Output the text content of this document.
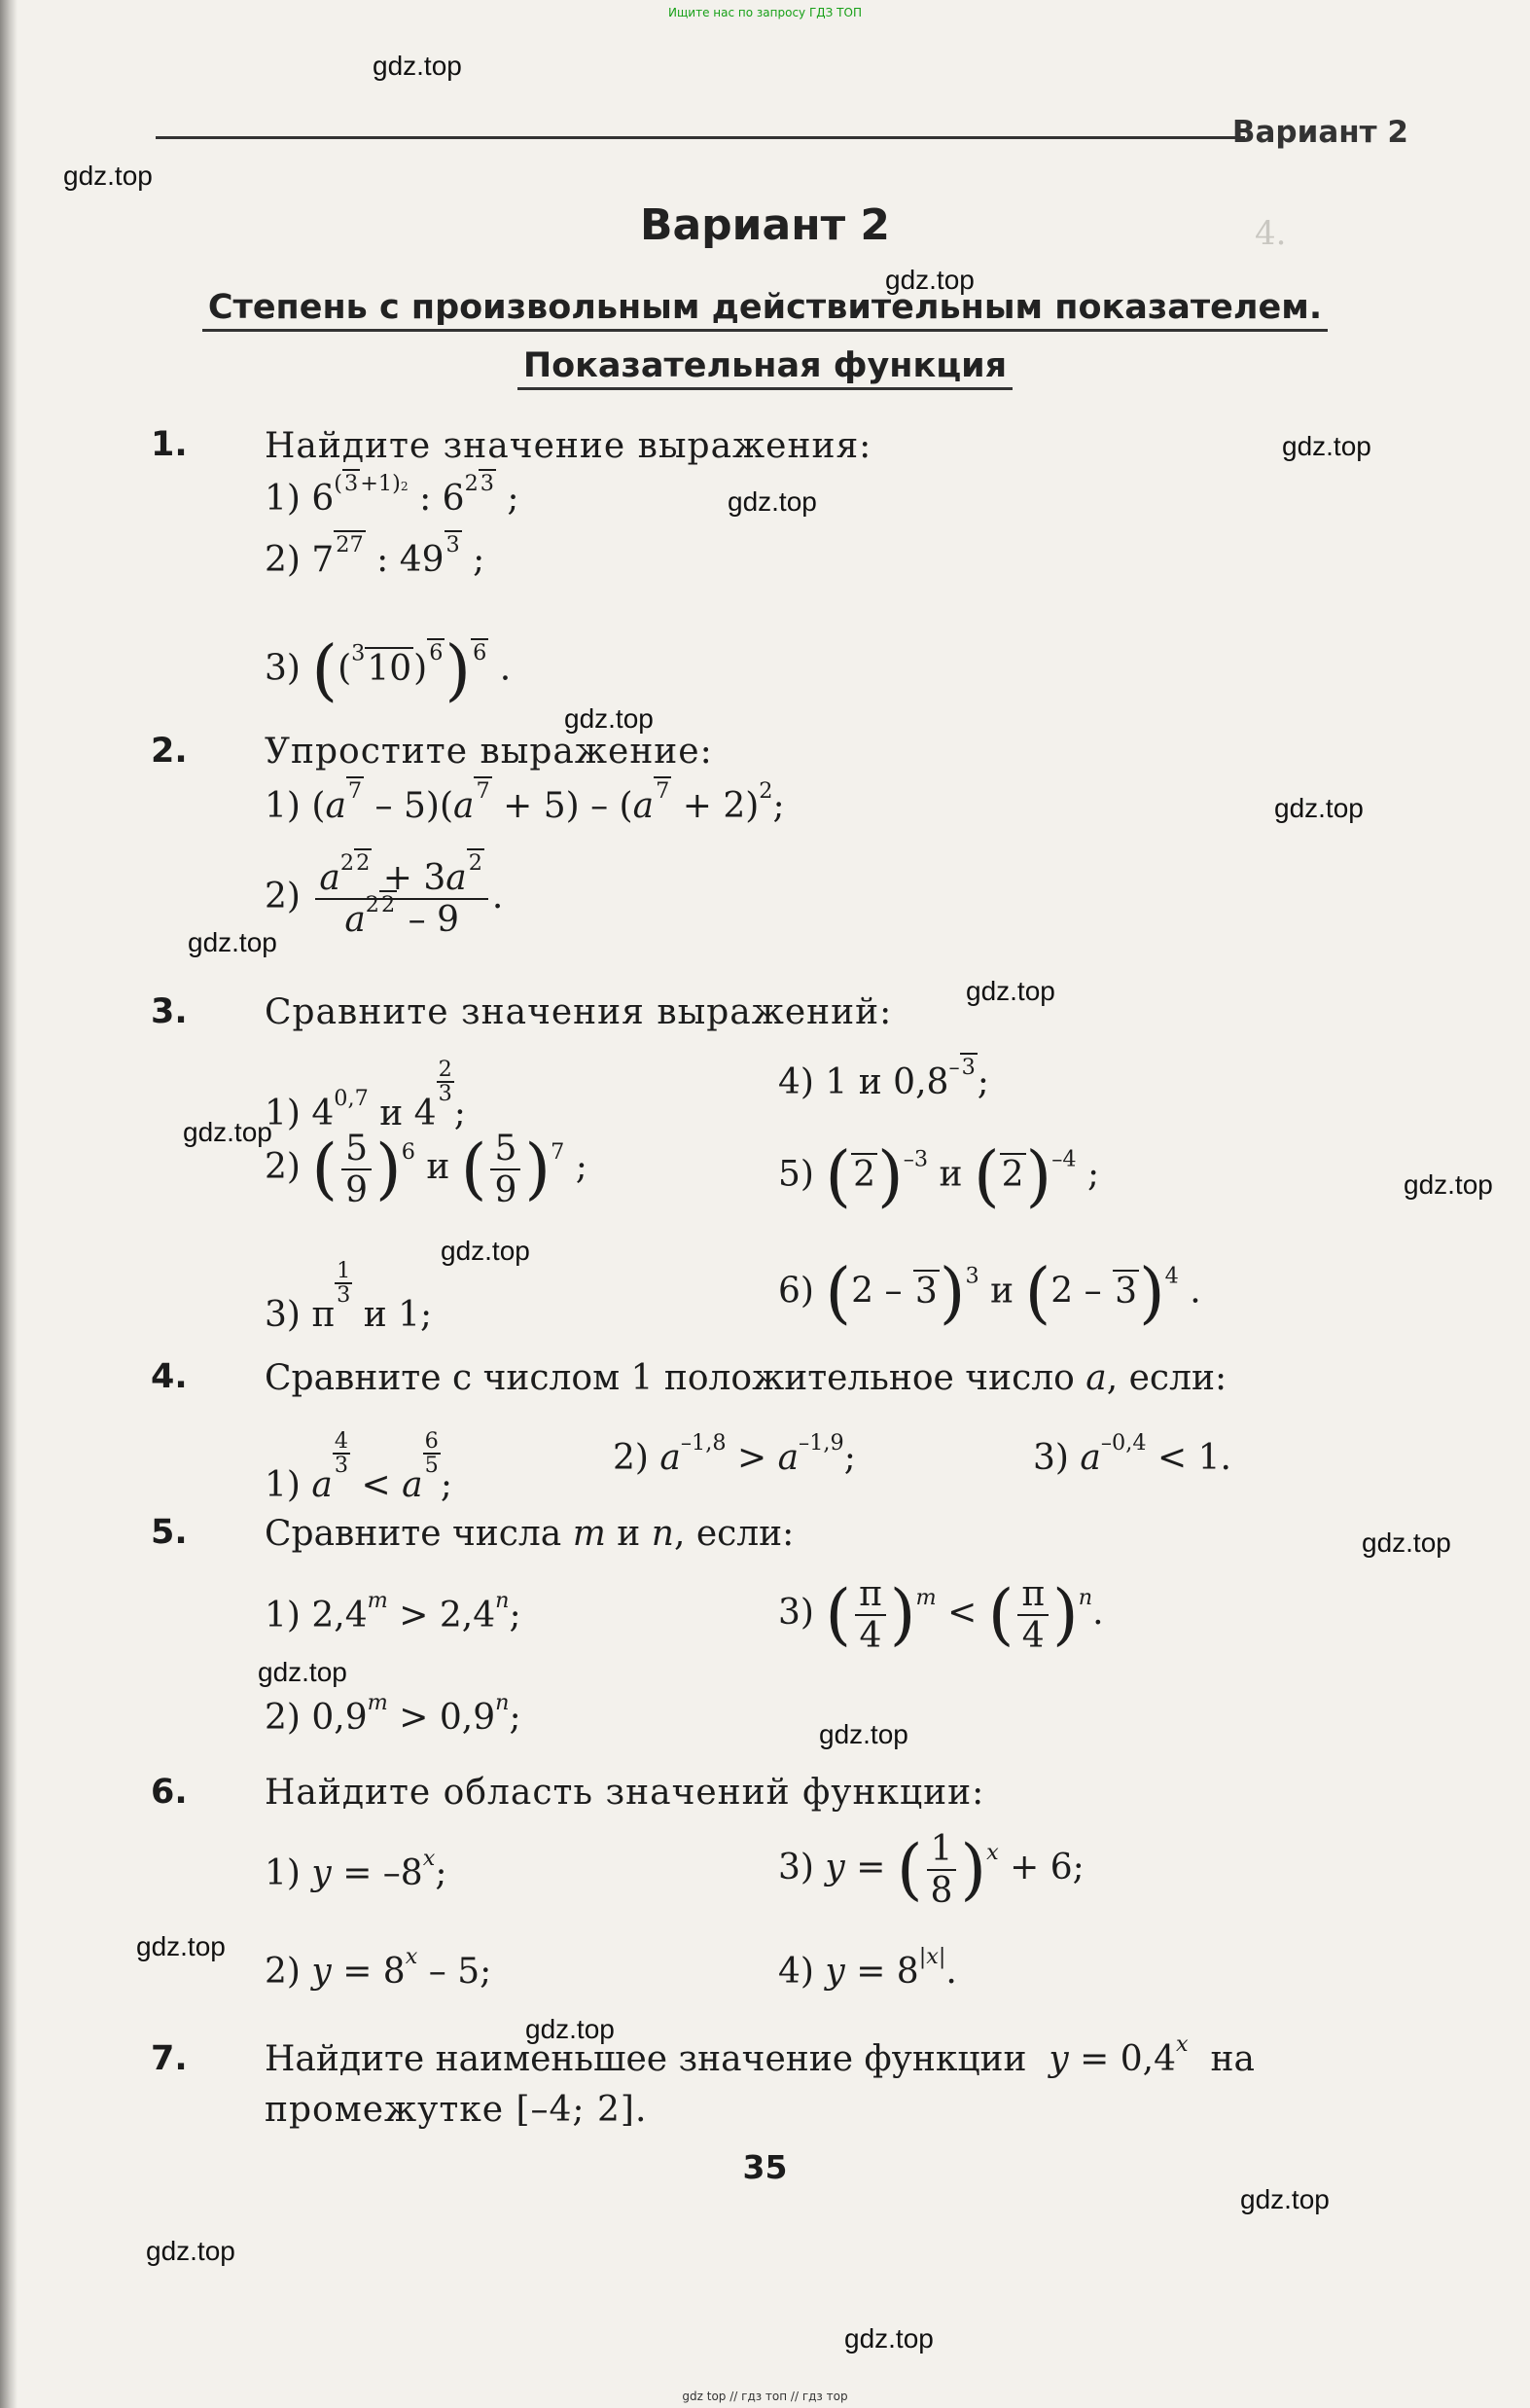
Ищите нас по запросу ГДЗ ТОП
4.
Вариант 2
Вариант 2
Степень с произвольным действительным показателем.
Показательная функция
1. Найдите значение выражения:
1) $6^{(3+1)2}$ : $6^{23}$ ;
2) $7^{27}$ : $49^3$ ;
3) $((^310)^6)^6$ .
2. Упростите выражение:
1) $(a^7 - 5)(a^7 + 5) - (a^7 + 2)^2$;
$2) \frac{a^{22} + 3a^2}{a^{22} - 9}$ .
3. Сравните значения выражений:
1) 4$^{0,7}$ и 4
$\frac{2}{3}$
;
4) 1 и $0,8^{-3}$;
2) ( $\frac{5}{9} )^6$ и ( $\frac{5}{9} )^7$ ;	5) $(2)^{-3}$ и $(2)^{-4}$ ;
3) π
$\frac{1}{3}$
и 1;
6) (2 – 3)$^3$ и (2 – 3)$^4$ .
4. Сравните с числом 1 положительное число a, если:
1) a
$\frac{4}{3}$
< a
$\frac{6}{5}$
;
2) $a^{-1,8} > a^{-1,9}$;	3) $a^{-0,4} < 1$.
5. Сравните числа m и n, если:
1) $2,4^m > 2,4^n$;	3) ( $\frac{\pi}{4} )^m$ < ( $\frac{\pi}{4} )^n$.
2) $0,9^m > 0,9^n$;
6. Найдите область значений функции:
1) $y = -8^x$;	3) y = ( $\frac{1}{8} )^x + 6$;
2) $y = 8^x - 5$;	4) $y = 8^{|x|}$.
7. Найдите наименьшее значение функции $y = 0,4^x$  на
промежутке [–4; 2].
35
gdz top // гдз топ // гдз тор
gdz.top
gdz.top
gdz.top
gdz.top
gdz.top
gdz.top
gdz.top
gdz.top
gdz.top
gdz.top
gdz.top
gdz.top
gdz.top
gdz.top
gdz.top
gdz.top
gdz.top
gdz.top
gdz.top
gdz.top
